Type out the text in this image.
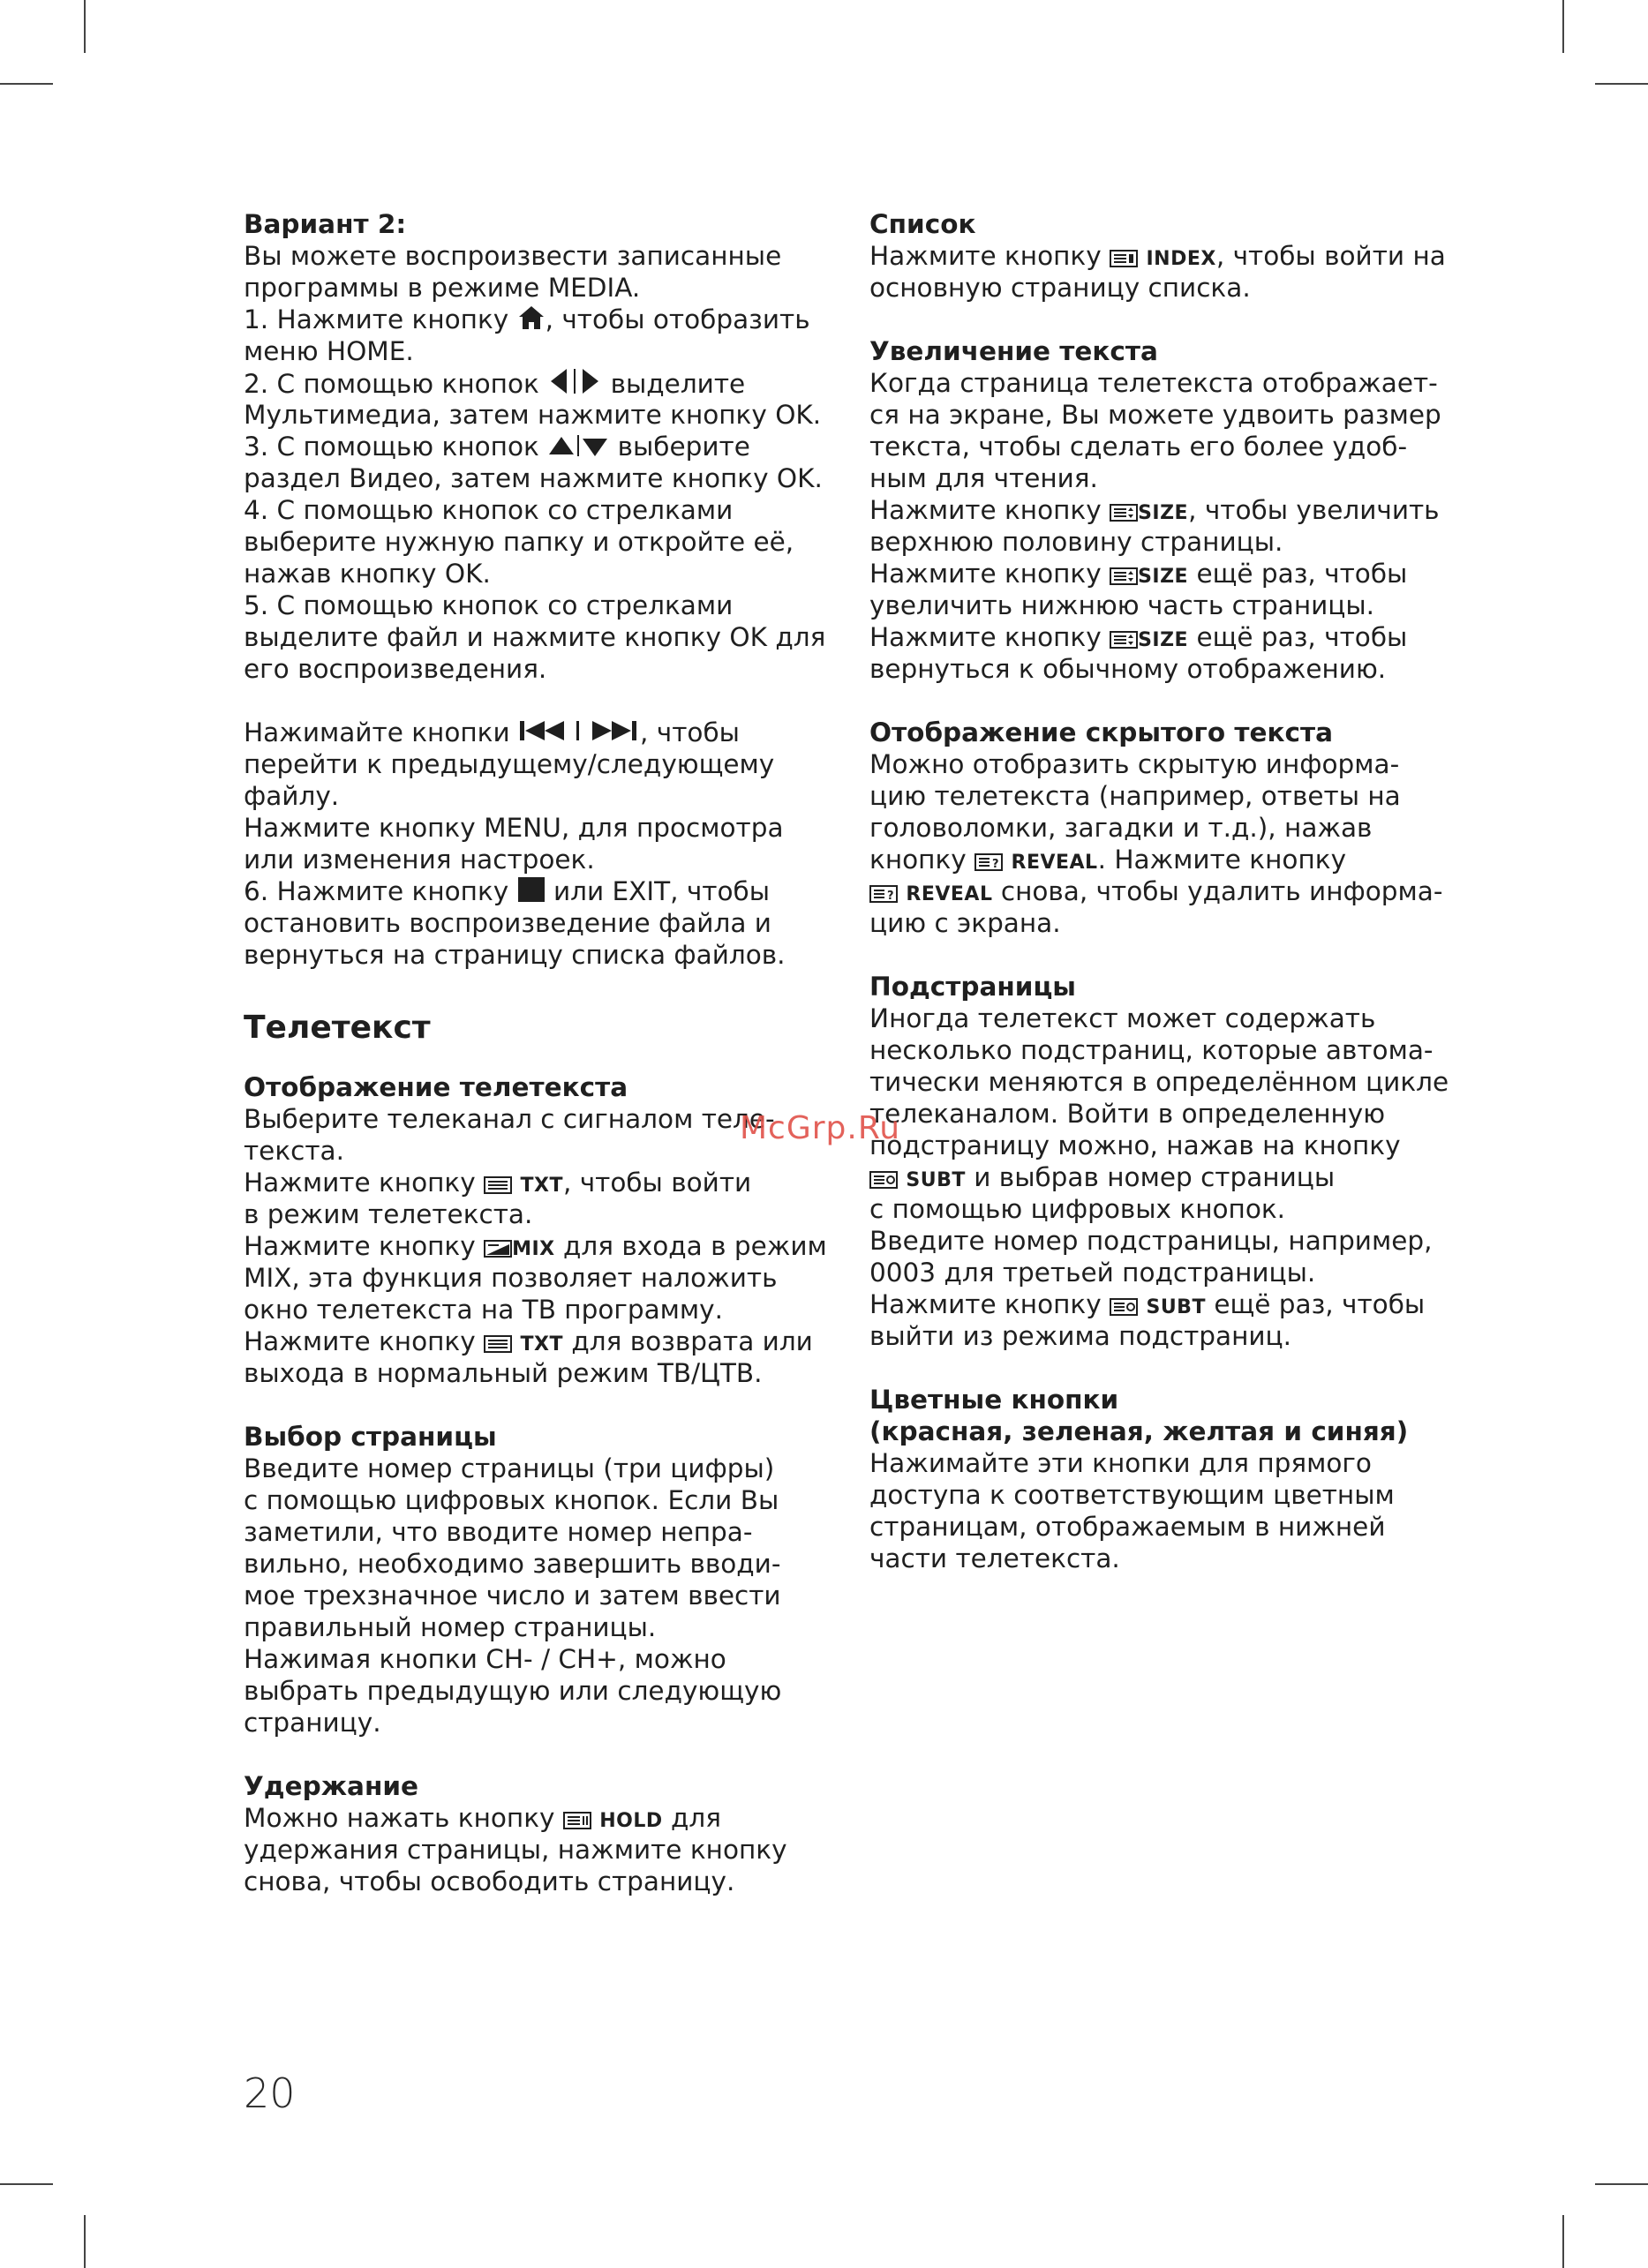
Вариант 2:
Вы можете воспроизвести записанные
программы в режиме MEDIA.
1. Нажмите кнопку , чтобы отобразить
меню HOME.
2. С помощью кнопок  выделите
Мультимедиа, затем нажмите кнопку OK.
3. С помощью кнопок  выберите
раздел Видео, затем нажмите кнопку OK.
4. С помощью кнопок со стрелками
выберите нужную папку и откройте её,
нажав кнопку OK.
5. С помощью кнопок со стрелками
выделите файл и нажмите кнопку OK для
его воспроизведения.
Нажимайте кнопки	, чтобы
перейти к предыдущему/следующему
файлу.
Нажмите кнопку MENU, для просмотра
или изменения настроек.
6. Нажмите кнопку  или EXIT, чтобы
остановить воспроизведение файла и
вернуться на страницу списка файлов.
Телетекст
Отображение телетекста
Выберите телеканал с сигналом теле-
текста.
Нажмите кнопку  TXT, чтобы войти
в режим телетекста.
Нажмите кнопку MIX для входа в режим
MIX, эта функция позволяет наложить
окно телетекста на ТВ программу.
Нажмите кнопку  TXT для возврата или
выхода в нормальный режим ТВ/ЦТВ.
Выбор страницы
Введите номер страницы (три цифры)
с помощью цифровых кнопок. Если Вы
заметили, что вводите номер непра-
вильно, необходимо завершить вводи-
мое трехзначное число и затем ввести
правильный номер страницы.
Нажимая кнопки CH- / CH+, можно
выбрать предыдущую или следующую
страницу.
Удержание
Можно нажать кнопку  HOLD для
удержания страницы, нажмите кнопку
снова, чтобы освободить страницу.
Список
Нажмите кнопку  INDEX, чтобы войти на
основную страницу списка.
Увеличение текста
Когда страница телетекста отображает-
ся на экране, Вы можете удвоить размер
текста, чтобы сделать его более удоб-
ным для чтения.
Нажмите кнопку SIZE, чтобы увеличить
верхнюю половину страницы.
Нажмите кнопку SIZE ещё раз, чтобы
увеличить нижнюю часть страницы.
Нажмите кнопку SIZE ещё раз, чтобы
вернуться к обычному отображению.
Отображение скрытого текста
Можно отобразить скрытую информа-
цию телетекста (например, ответы на
головоломки, загадки и т.д.), нажав
кнопку ? REVEAL. Нажмите кнопку
? REVEAL снова, чтобы удалить информа-
цию с экрана.
Подстраницы
Иногда телетекст может содержать
несколько подстраниц, которые автома-
тически меняются в определённом цикле
телеканалом. Войти в определенную
подстраницу можно, нажав на кнопку
SUBT и выбрав номер страницы
с помощью цифровых кнопок.
Введите номер подстраницы, например,
0003 для третьей подстраницы.
Нажмите кнопку  SUBT ещё раз, чтобы
выйти из режима подстраниц.
Цветные кнопки
(красная, зеленая, желтая и синяя)
Нажимайте эти кнопки для прямого
доступа к соответствующим цветным
страницам, отображаемым в нижней
части телетекста.
McGrp.Ru
20
